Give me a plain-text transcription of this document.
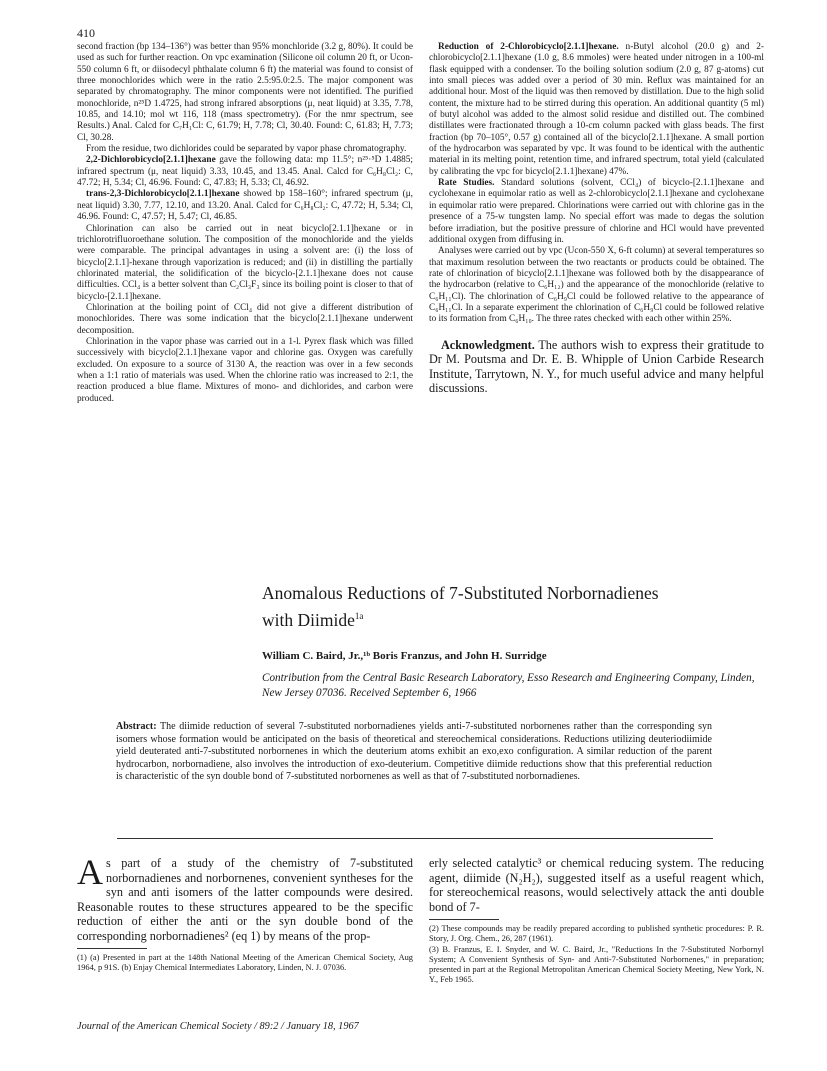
410

second fraction (bp 134–136°) was better than 95% monchloride (3.2 g, 80%). It could be used as such for further reaction. On vpc examination (Silicone oil column 20 ft, or Ucon-550 column 6 ft, or diisodecyl phthalate column 6 ft) the material was found to consist of three monochlorides which were in the ratio 2.5:95.0:2.5. The major component was separated by chromatography. The minor components were not identified. The purified monochloride, n²⁵D 1.4725, had strong infrared absorptions (μ, neat liquid) at 3.35, 7.78, 10.85, and 14.10; mol wt 116, 118 (mass spectrometry). (For the nmr spectrum, see Results.) Anal. Calcd for C₇H₁Cl: C, 61.79; H, 7.78; Cl, 30.40. Found: C, 61.83; H, 7.73; Cl, 30.28.

From the residue, two dichlorides could be separated by vapor phase chromatography.

2,2-Dichlorobicyclo[2.1.1]hexane gave the following data: mp 11.5°; n²⁵·⁵D 1.4885; infrared spectrum (μ, neat liquid) 3.33, 10.45, and 13.45. Anal. Calcd for C₆H₈Cl₂: C, 47.72; H, 5.34; Cl, 46.96. Found: C, 47.83; H, 5.33; Cl, 46.92.

trans-2,3-Dichlorobicyclo[2.1.1]hexane showed bp 158–160°; infrared spectrum (μ, neat liquid) 3.30, 7.77, 12.10, and 13.20. Anal. Calcd for C₆H₈Cl₂: C, 47.72; H, 5.34; Cl, 46.96. Found: C, 47.57; H, 5.47; Cl, 46.85.

Chlorination can also be carried out in neat bicyclo[2.1.1]hexane or in trichlorotrifluoroethane solution. The composition of the monochloride and the yields were comparable. The principal advantages in using a solvent are: (i) the loss of bicyclo[2.1.1]-hexane through vaporization is reduced; and (ii) in distilling the partially chlorinated material, the solidification of the bicyclo-[2.1.1]hexane does not cause difficulties. CCl₄ is a better solvent than C₂Cl₃F₃ since its boiling point is closer to that of bicyclo-[2.1.1]hexane.

Chlorination at the boiling point of CCl₄ did not give a different distribution of monochlorides. There was some indication that the bicyclo[2.1.1]hexane underwent decomposition.

Chlorination in the vapor phase was carried out in a 1-l. Pyrex flask which was filled successively with bicyclo[2.1.1]hexane vapor and chlorine gas. Oxygen was carefully excluded. On exposure to a source of 3130 A, the reaction was over in a few seconds when a 1:1 ratio of materials was used. When the chlorine ratio was increased to 2:1, the reaction produced a blue flame. Mixtures of mono- and dichlorides, and carbon were produced.

Reduction of 2-Chlorobicyclo[2.1.1]hexane. n-Butyl alcohol (20.0 g) and 2-chlorobicyclo[2.1.1]hexane (1.0 g, 8.6 mmoles) were heated under nitrogen in a 100-ml flask equipped with a condenser. To the boiling solution sodium (2.0 g, 87 g-atoms) cut into small pieces was added over a period of 30 min. Reflux was maintained for an additional hour. Most of the liquid was then removed by distillation. Due to the high solid content, the mixture had to be stirred during this operation. An additional quantity (5 ml) of butyl alcohol was added to the almost solid residue and distilled out. The combined distillates were fractionated through a 10-cm column packed with glass beads. The first fraction (bp 70–105°, 0.57 g) contained all of the bicyclo[2.1.1]hexane. A small portion of the hydrocarbon was separated by vpc. It was found to be identical with the authentic material in its melting point, retention time, and infrared spectrum, total yield (calculated by calibrating the vpc for bicyclo[2.1.1]hexane) 47%.

Rate Studies. Standard solutions (solvent, CCl₄) of bicyclo-[2.1.1]hexane and cyclohexane in equimolar ratio as well as 2-chlorobicyclo[2.1.1]hexane and cyclohexane in equimolar ratio were prepared. Chlorinations were carried out with chlorine gas in the presence of a 75-w tungsten lamp. No special effort was made to degas the solution before irradiation, but the positive pressure of chlorine and HCl would have prevented additional oxygen from diffusing in.

Analyses were carried out by vpc (Ucon-550 X, 6-ft column) at several temperatures so that maximum resolution between the two reactants or products could be obtained. The rate of chlorination of bicyclo[2.1.1]hexane was followed both by the disappearance of the hydrocarbon (relative to C₆H₁₂) and the appearance of the monochloride (relative to C₆H₁₁Cl). The chlorination of C₆H₉Cl could be followed relative to the appearance of C₆H₁₁Cl. In a separate experiment the chlorination of C₆H₉Cl could be followed relative to its formation from C₆H₁₀. The three rates checked with each other within 25%.

Acknowledgment. The authors wish to express their gratitude to Dr M. Poutsma and Dr. E. B. Whipple of Union Carbide Research Institute, Tarrytown, N. Y., for much useful advice and many helpful discussions.

Anomalous Reductions of 7-Substituted Norbornadienes
with Diimide$^{1a}$
William C. Baird, Jr.,¹ᵇ Boris Franzus, and John H. Surridge
Contribution from the Central Basic Research Laboratory, Esso Research and Engineering Company, Linden, New Jersey 07036. Received September 6, 1966
Abstract: The diimide reduction of several 7-substituted norbornadienes yields anti-7-substituted norbornenes rather than the corresponding syn isomers whose formation would be anticipated on the basis of theoretical and stereochemical considerations. Reductions utilizing deuteriodiimide yield deuterated anti-7-substituted norbornenes in which the deuterium atoms exhibit an exo,exo configuration. A similar reduction of the parent hydrocarbon, norbornadiene, also involves the introduction of exo-deuterium. Competitive diimide reductions show that this preferential reduction is characteristic of the syn double bond of 7-substituted norbornenes as well as that of 7-substituted norbornadienes.
As part of a study of the chemistry of 7-substituted norbornadienes and norbornenes, convenient syntheses for the syn and anti isomers of the latter compounds were desired. Reasonable routes to these structures appeared to be the specific reduction of either the anti or the syn double bond of the corresponding norbornadienes² (eq 1) by means of the prop-
(1) (a) Presented in part at the 148th National Meeting of the American Chemical Society, Aug 1964, p 91S. (b) Enjay Chemical Intermediates Laboratory, Linden, N. J. 07036.
erly selected catalytic³ or chemical reducing system. The reducing agent, diimide (N₂H₂), suggested itself as a useful reagent which, for stereochemical reasons, would selectively attack the anti double bond of 7-
(2) These compounds may be readily prepared according to published synthetic procedures: P. R. Story, J. Org. Chem., 26, 287 (1961).
(3) B. Franzus, E. I. Snyder, and W. C. Baird, Jr., "Reductions In the 7-Substituted Norbornyl System; A Convenient Synthesis of Syn- and Anti-7-Substituted Norbornenes," in preparation; presented in part at the Regional Metropolitan American Chemical Society Meeting, New York, N. Y., Feb 1965.
Journal of the American Chemical Society / 89:2 / January 18, 1967
